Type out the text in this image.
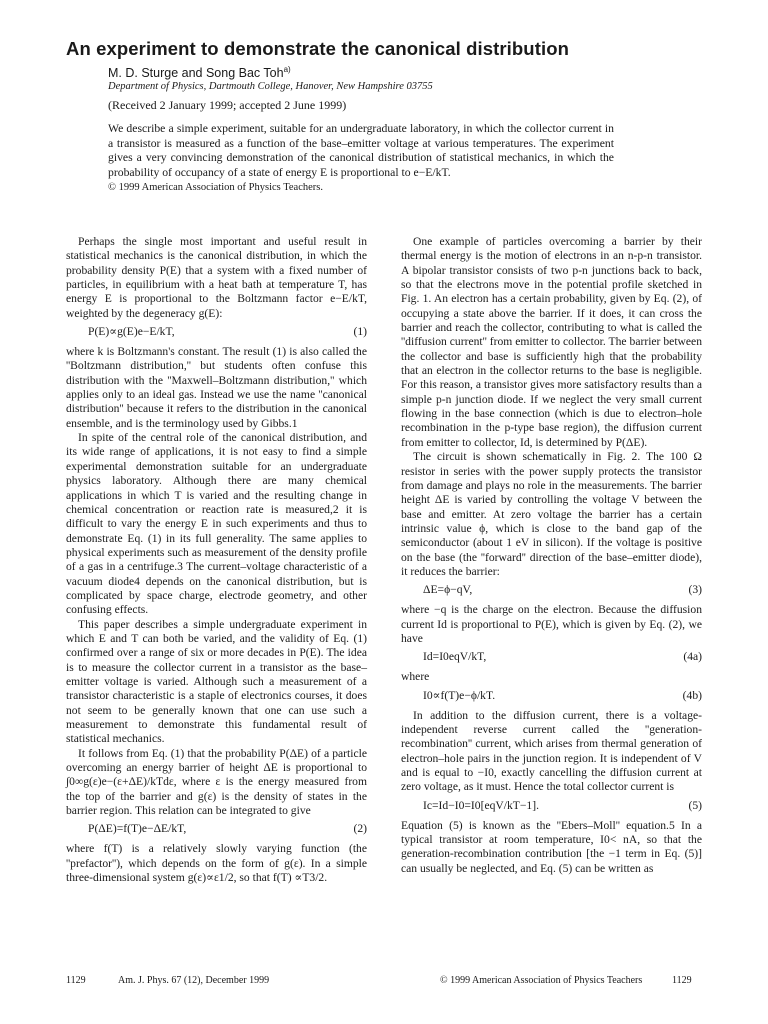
An experiment to demonstrate the canonical distribution
M. D. Sturge and Song Bac Toh$^{a)}$
Department of Physics, Dartmouth College, Hanover, New Hampshire 03755
(Received 2 January 1999; accepted 2 June 1999)
We describe a simple experiment, suitable for an undergraduate laboratory, in which the collector current in a transistor is measured as a function of the base–emitter voltage at various temperatures. The experiment gives a very convincing demonstration of the canonical distribution of statistical mechanics, in which the probability of occupancy of a state of energy E is proportional to e−E/kT.
© 1999 American Association of Physics Teachers.

Perhaps the single most important and useful result in statistical mechanics is the canonical distribution, in which the probability density P(E) that a system with a fixed number of particles, in equilibrium with a heat bath at temperature T, has energy E is proportional to the Boltzmann factor e−E/kT, weighted by the degeneracy g(E):

P(E)∝g(E)e−E/kT,	(1)

where k is Boltzmann's constant. The result (1) is also called the ''Boltzmann distribution,'' but students often confuse this distribution with the ''Maxwell–Boltzmann distribution,'' which applies only to an ideal gas. Instead we use the name ''canonical distribution'' because it refers to the distribution in the canonical ensemble, and is the terminology used by Gibbs.1

In spite of the central role of the canonical distribution, and its wide range of applications, it is not easy to find a simple experimental demonstration suitable for an undergraduate physics laboratory. Although there are many chemical applications in which T is varied and the resulting change in chemical concentration or reaction rate is measured,2 it is difficult to vary the energy E in such experiments and thus to demonstrate Eq. (1) in its full generality. The same applies to physical experiments such as measurement of the density profile of a gas in a centrifuge.3 The current–voltage characteristic of a vacuum diode4 depends on the canonical distribution, but is complicated by space charge, electrode geometry, and other confusing effects.

This paper describes a simple undergraduate experiment in which E and T can both be varied, and the validity of Eq. (1) confirmed over a range of six or more decades in P(E). The idea is to measure the collector current in a transistor as the base–emitter voltage is varied. Although such a measurement of a transistor characteristic is a staple of electronics courses, it does not seem to be generally known that one can use such a measurement to demonstrate this fundamental result of statistical mechanics.

It follows from Eq. (1) that the probability P(ΔE) of a particle overcoming an energy barrier of height ΔE is proportional to ∫0∞g(ε)e−(ε+ΔE)/kTdε, where ε is the energy measured from the top of the barrier and g(ε) is the density of states in the barrier region. This relation can be integrated to give

P(ΔE)=f(T)e−ΔE/kT,	(2)

where f(T) is a relatively slowly varying function (the ''prefactor''), which depends on the form of g(ε). In a simple three-dimensional system g(ε)∝ε1/2, so that f(T) ∝T3/2.

One example of particles overcoming a barrier by their thermal energy is the motion of electrons in an n-p-n transistor. A bipolar transistor consists of two p-n junctions back to back, so that the electrons move in the potential profile sketched in Fig. 1. An electron has a certain probability, given by Eq. (2), of occupying a state above the barrier. If it does, it can cross the barrier and reach the collector, contributing to what is called the ''diffusion current'' from emitter to collector. The barrier between the collector and base is sufficiently high that the probability that an electron in the collector returns to the base is negligible. For this reason, a transistor gives more satisfactory results than a simple p-n junction diode. If we neglect the very small current flowing in the base connection (which is due to electron–hole recombination in the p-type base region), the diffusion current from emitter to collector, Id, is determined by P(ΔE).

The circuit is shown schematically in Fig. 2. The 100 Ω resistor in series with the power supply protects the transistor from damage and plays no role in the measurements. The barrier height ΔE is varied by controlling the voltage V between the base and emitter. At zero voltage the barrier has a certain intrinsic value ϕ, which is close to the band gap of the semiconductor (about 1 eV in silicon). If the voltage is positive on the base (the ''forward'' direction of the base–emitter diode), it reduces the barrier:

ΔE=ϕ−qV,	(3)

where −q is the charge on the electron. Because the diffusion current Id is proportional to P(E), which is given by Eq. (2), we have

Id=I0eqV/kT,	(4a)

where

I0∝f(T)e−ϕ/kT.	(4b)

In addition to the diffusion current, there is a voltage-independent reverse current called the ''generation-recombination'' current, which arises from thermal generation of electron–hole pairs in the junction region. It is independent of V and is equal to −I0, exactly cancelling the diffusion current at zero voltage, as it must. Hence the total collector current is

Ic=Id−I0=I0[eqV/kT−1].	(5)

Equation (5) is known as the ''Ebers–Moll'' equation.5 In a typical transistor at room temperature, I0< nA, so that the generation-recombination contribution [the −1 term in Eq. (5)] can usually be neglected, and Eq. (5) can be written as

1129	Am. J. Phys. 67 (12), December 1999	© 1999 American Association of Physics Teachers	1129
